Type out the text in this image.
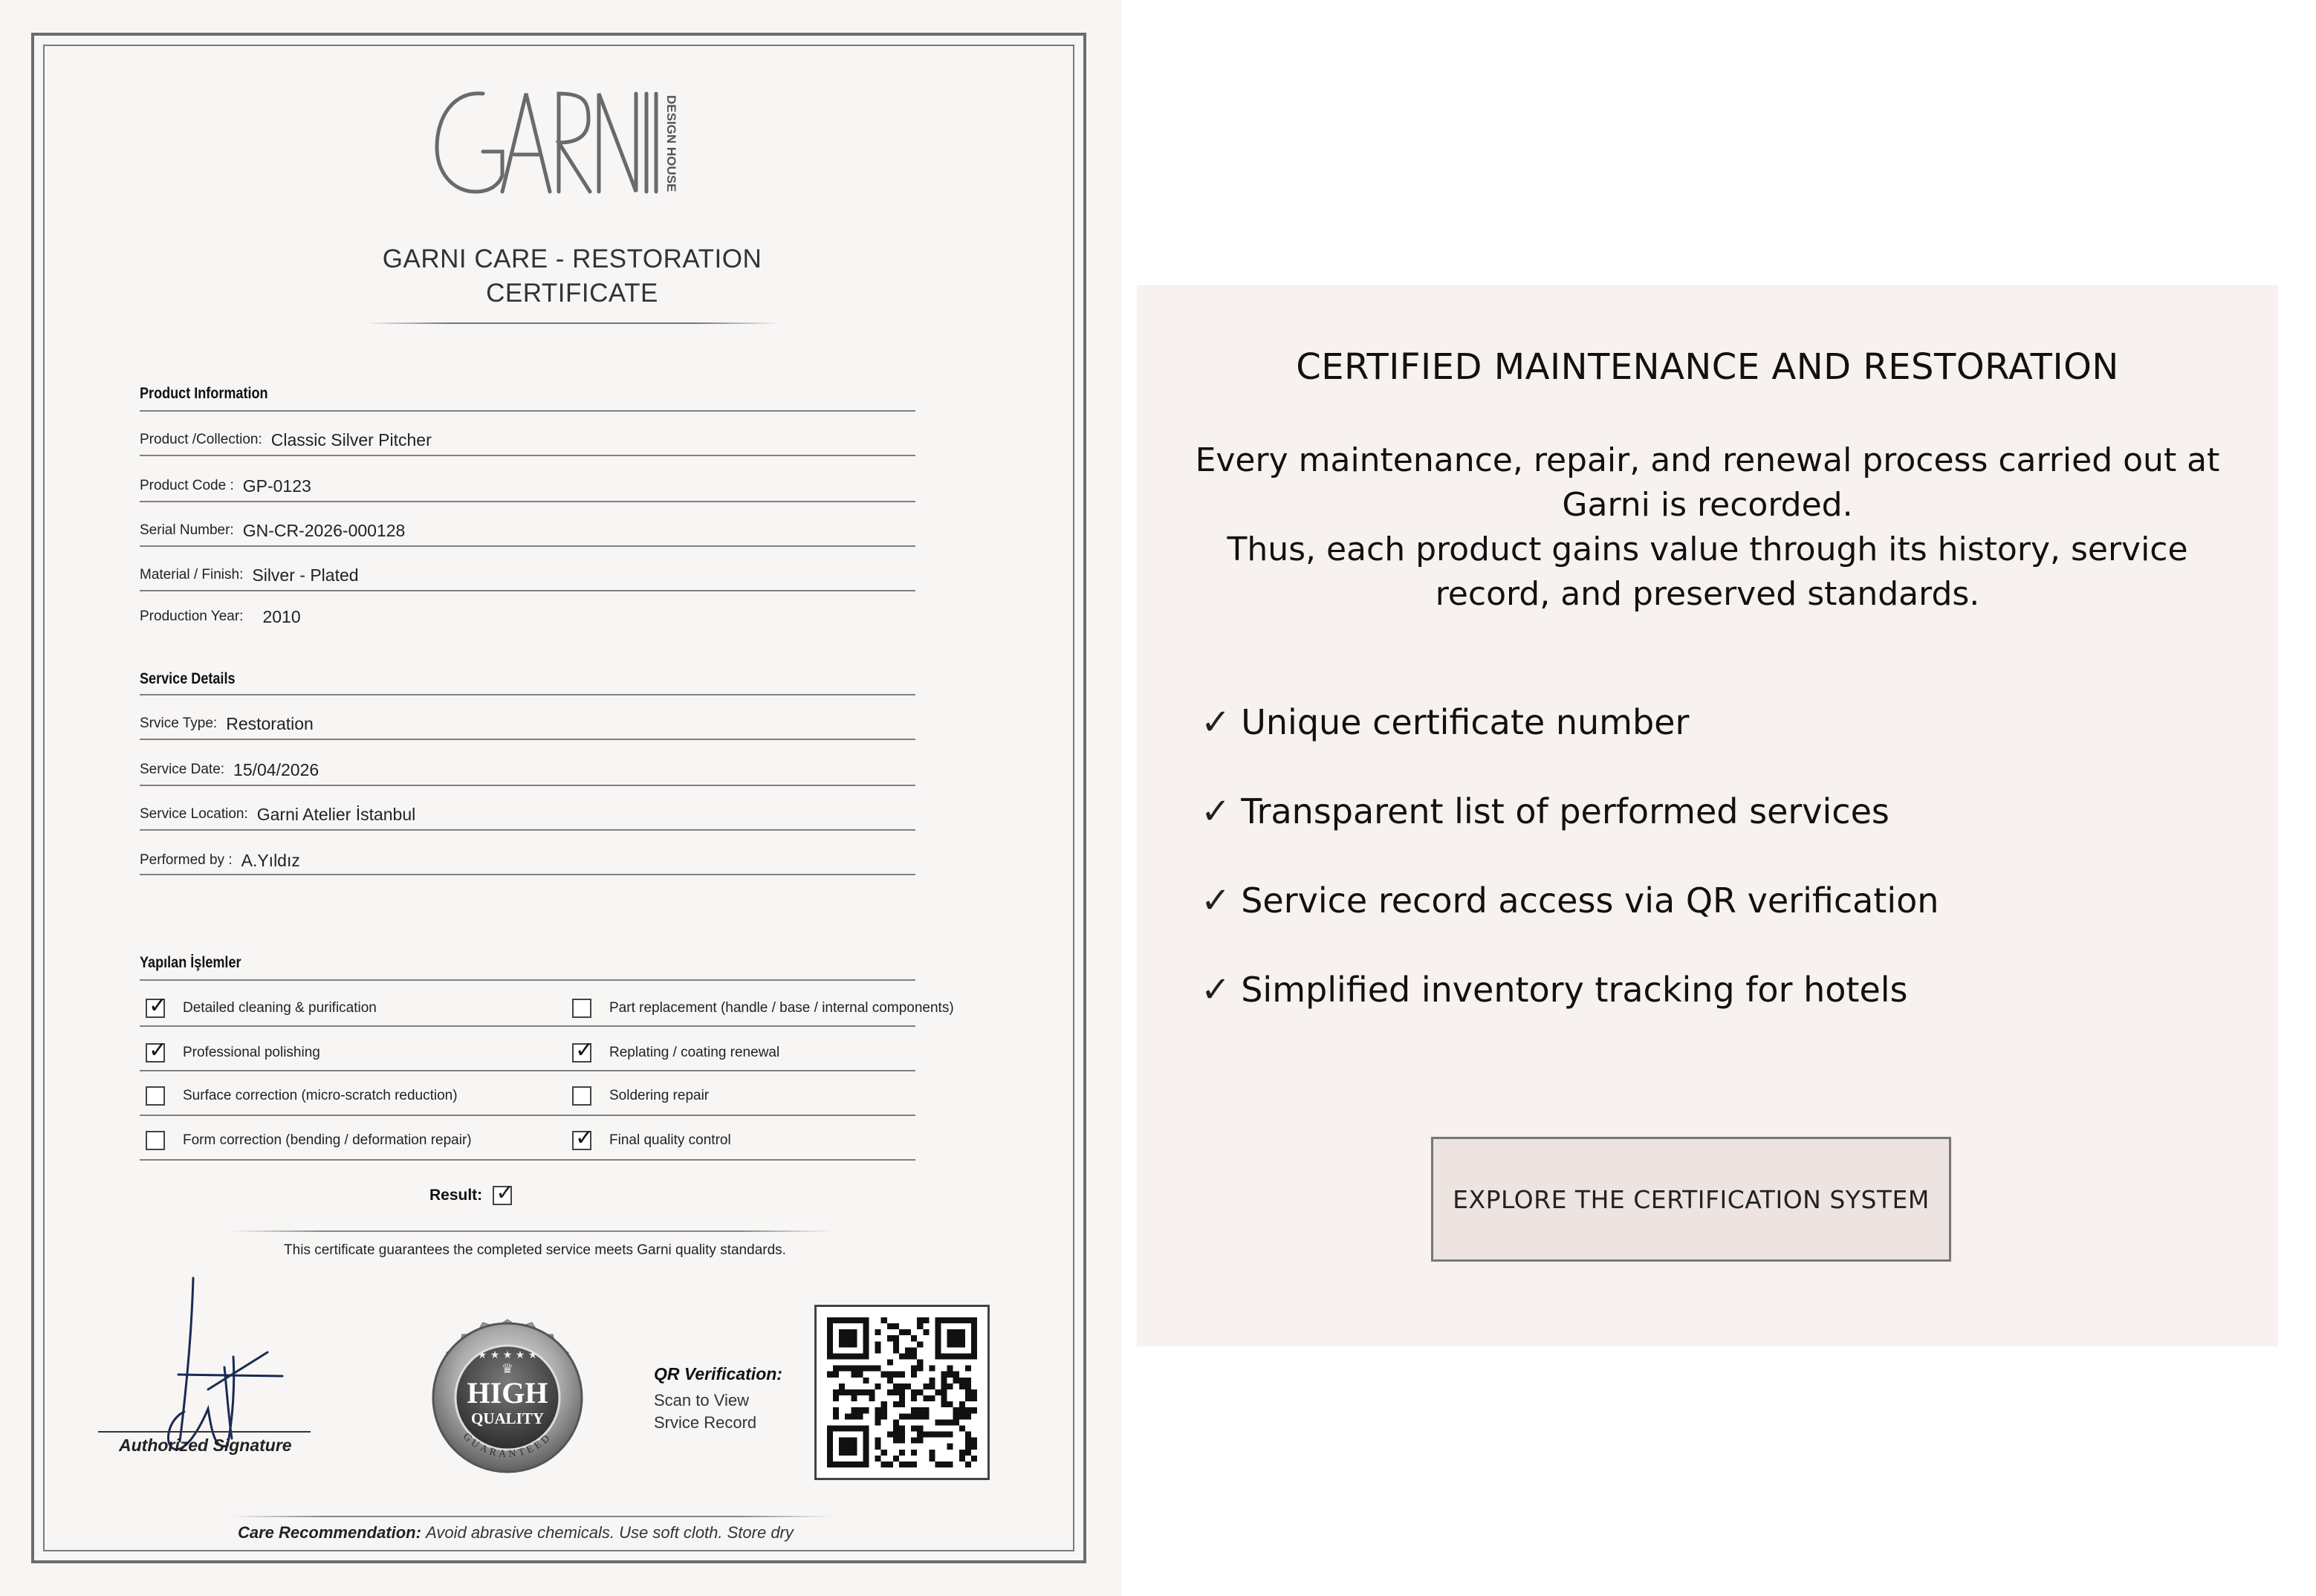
DESIGN HOUSE
GARNI CARE - RESTORATION
CERTIFICATE
Product Information
Product /Collection: Classic Silver Pitcher
Product Code : GP-0123
Serial Number: GN-CR-2026-000128
Material / Finish: Silver - Plated
Production Year: 2010
Service Details
Srvice Type: Restoration
Service Date: 15/04/2026
Service Location: Garni Atelier İstanbul
Performed by : A.Yıldız
Yapılan İşlemler
✓ Detailed cleaning & purification	Part replacement (handle / base / internal components)
✓ Professional polishing	✓ Replating / coating renewal
Surface correction (micro-scratch reduction)	Soldering repair
Form correction (bending / deformation repair)	✓ Final quality control
Result: ✓
This certificate guarantees the completed service meets Garni quality standards.
Authorized Signature
★ ★ ★ ★ ★
♛
HIGH
QUALITY
GUARANTEED
QR Verification:
Scan to View
Srvice Record
Care Recommendation: Avoid abrasive chemicals. Use soft cloth. Store dry
CERTIFIED MAINTENANCE AND RESTORATION
Every maintenance, repair, and renewal process carried out at
Garni is recorded.
Thus, each product gains value through its history, service
record, and preserved standards.
✓ Unique certificate number
✓ Transparent list of performed services
✓ Service record access via QR verification
✓ Simplified inventory tracking for hotels
EXPLORE THE CERTIFICATION SYSTEM
